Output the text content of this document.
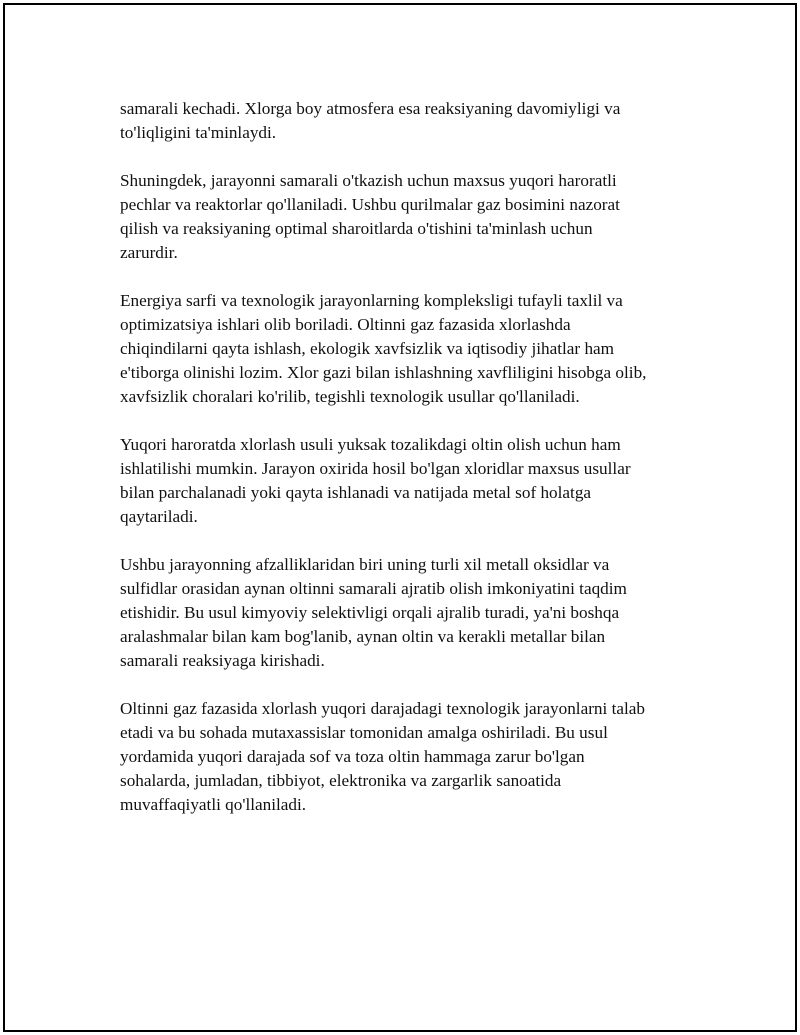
samarali kechadi. Xlorga boy atmosfera esa reaksiyaning davomiyligi va
to'liqligini ta'minlaydi.
Shuningdek, jarayonni samarali o'tkazish uchun maxsus yuqori haroratli
pechlar va reaktorlar qo'llaniladi. Ushbu qurilmalar gaz bosimini nazorat
qilish va reaksiyaning optimal sharoitlarda o'tishini ta'minlash uchun
zarurdir.
Energiya sarfi va texnologik jarayonlarning kompleksligi tufayli taxlil va
optimizatsiya ishlari olib boriladi. Oltinni gaz fazasida xlorlashda
chiqindilarni qayta ishlash, ekologik xavfsizlik va iqtisodiy jihatlar ham
e'tiborga olinishi lozim. Xlor gazi bilan ishlashning xavfliligini hisobga olib,
xavfsizlik choralari ko'rilib, tegishli texnologik usullar qo'llaniladi.
Yuqori haroratda xlorlash usuli yuksak tozalikdagi oltin olish uchun ham
ishlatilishi mumkin. Jarayon oxirida hosil bo'lgan xloridlar maxsus usullar
bilan parchalanadi yoki qayta ishlanadi va natijada metal sof holatga
qaytariladi.
Ushbu jarayonning afzalliklaridan biri uning turli xil metall oksidlar va
sulfidlar orasidan aynan oltinni samarali ajratib olish imkoniyatini taqdim
etishidir. Bu usul kimyoviy selektivligi orqali ajralib turadi, ya'ni boshqa
aralashmalar bilan kam bog'lanib, aynan oltin va kerakli metallar bilan
samarali reaksiyaga kirishadi.
Oltinni gaz fazasida xlorlash yuqori darajadagi texnologik jarayonlarni talab
etadi va bu sohada mutaxassislar tomonidan amalga oshiriladi. Bu usul
yordamida yuqori darajada sof va toza oltin hammaga zarur bo'lgan
sohalarda, jumladan, tibbiyot, elektronika va zargarlik sanoatida
muvaffaqiyatli qo'llaniladi.
